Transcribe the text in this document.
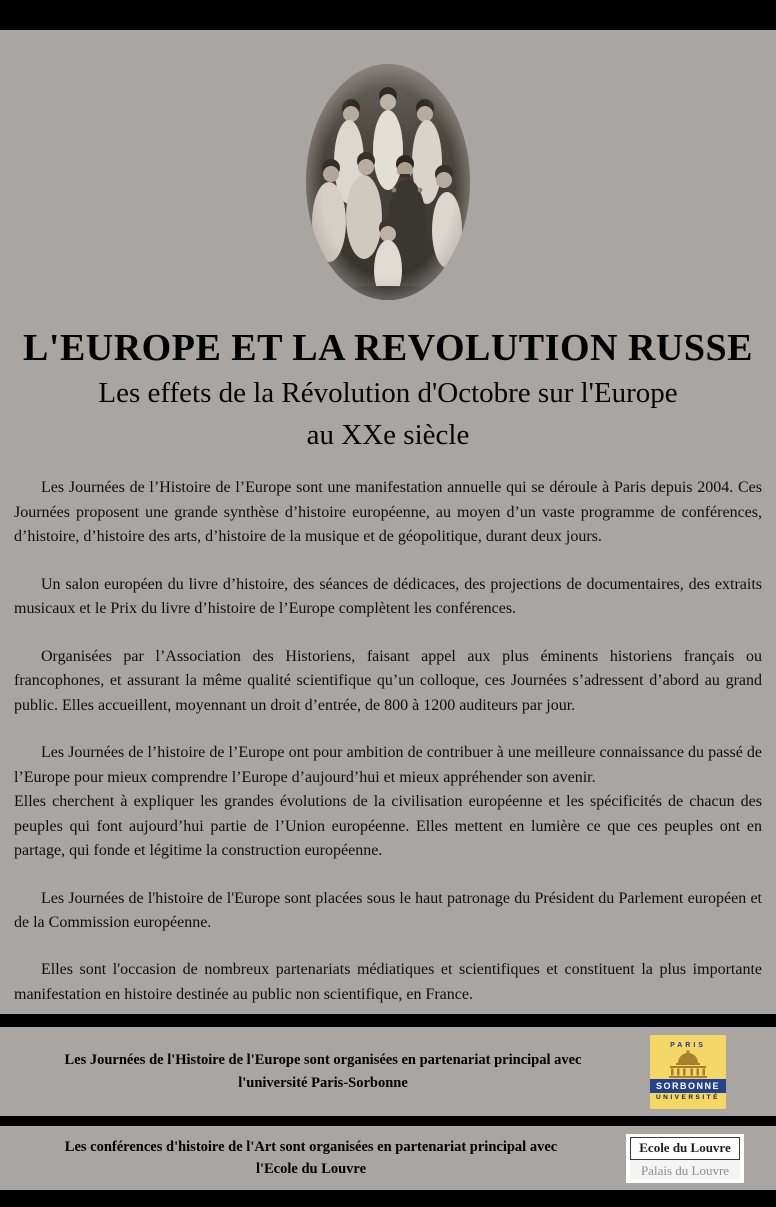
L'EUROPE ET LA REVOLUTION RUSSE
Les effets de la Révolution d'Octobre sur l'Europe
au XXe siècle

Les Journées de l’Histoire de l’Europe sont une manifestation annuelle qui se déroule à Paris depuis 2004. Ces Journées proposent une grande synthèse d’histoire européenne, au moyen d’un vaste programme de conférences, d’histoire, d’histoire des arts, d’histoire de la musique et de géopolitique, durant deux jours.

Un salon européen du livre d’histoire, des séances de dédicaces, des projections de documentaires, des extraits musicaux et le Prix du livre d’histoire de l’Europe complètent les conférences.

Organisées par l’Association des Historiens, faisant appel aux plus éminents historiens français ou francophones, et assurant la même qualité scientifique qu’un colloque, ces Journées s’adressent d’abord au grand public. Elles accueillent, moyennant un droit d’entrée, de 800 à 1200 auditeurs par jour.

Les Journées de l’histoire de l’Europe ont pour ambition de contribuer à une meilleure connaissance du passé de l’Europe pour mieux comprendre l’Europe d’aujourd’hui et mieux appréhender son avenir.

Elles cherchent à expliquer les grandes évolutions de la civilisation européenne et les spécificités de chacun des peuples qui font aujourd’hui partie de l’Union européenne. Elles mettent en lumière ce que ces peuples ont en partage, qui fonde et légitime la construction européenne.

Les Journées de l'histoire de l'Europe sont placées sous le haut patronage du Président du Parlement européen et de la Commission européenne.

Elles sont l'occasion de nombreux partenariats médiatiques et scientifiques et constituent la plus importante manifestation en histoire destinée au public non scientifique, en France.

Les Journées de l'Histoire de l'Europe sont organisées en partenariat principal avec
l'université Paris-Sorbonne
PARIS
SORBONNE
UNIVERSITÉ
Les conférences d'histoire de l'Art sont organisées en partenariat principal avec
l'Ecole du Louvre
Ecole du Louvre
Palais du Louvre
